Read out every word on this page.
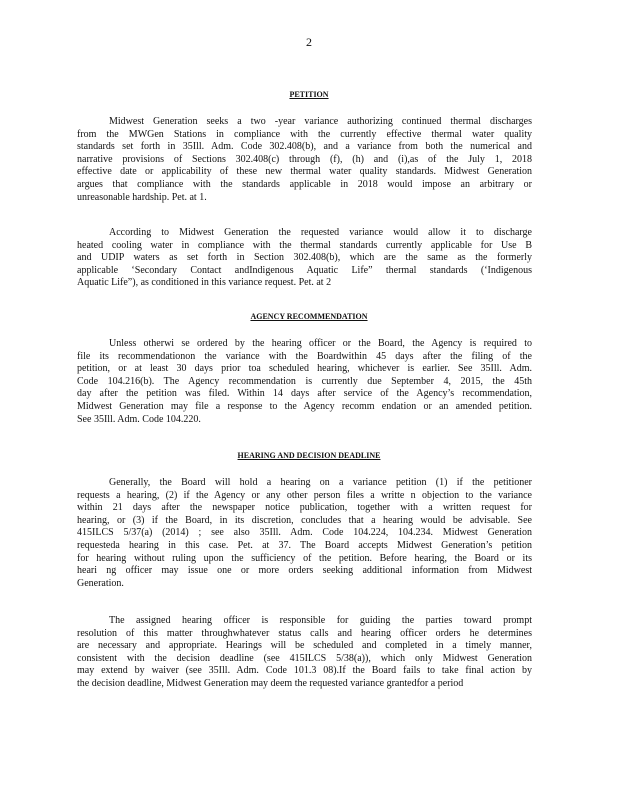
2
PETITION
Midwest Generation seeks a two -year variance authorizing continued thermal discharges
from the MWGen Stations in compliance with the currently effective thermal water quality
standards set forth in 35Ill. Adm. Code 302.408(b), and a variance from both the numerical and
narrative provisions of Sections 302.408(c) through (f), (h) and (i),as of the July 1, 2018
effective date or applicability of these new thermal water quality standards. Midwest Generation
argues that compliance with the standards applicable in 2018 would impose an arbitrary or
unreasonable hardship. Pet. at 1.
According to Midwest Generation the requested variance would allow it to discharge
heated cooling water in compliance with the thermal standards currently applicable for Use B
and UDIP waters as set forth in Section 302.408(b), which are the same as the formerly
applicable ‘Secondary Contact andIndigenous Aquatic Life” thermal standards (‘Indigenous
Aquatic Life”), as conditioned in this variance request. Pet. at 2
AGENCY RECOMMENDATION
Unless otherwi se ordered by the hearing officer or the Board, the Agency is required to
file its recommendationon the variance with the Boardwithin 45 days after the filing of the
petition, or at least 30 days prior toa scheduled hearing, whichever is earlier. See 35Ill. Adm.
Code 104.216(b). The Agency recommendation is currently due September 4, 2015, the 45th
day after the petition was filed. Within 14 days after service of the Agency’s recommendation,
Midwest Generation may file a response to the Agency recomm endation or an amended petition.
See 35Ill. Adm. Code 104.220.
HEARING AND DECISION DEADLINE
Generally, the Board will hold a hearing on a variance petition (1) if the petitioner
requests a hearing, (2) if the Agency or any other person files a writte n objection to the variance
within 21 days after the newspaper notice publication, together with a written request for
hearing, or (3) if the Board, in its discretion, concludes that a hearing would be advisable. See
415ILCS 5/37(a) (2014) ; see also 35Ill. Adm. Code 104.224, 104.234. Midwest Generation
requesteda hearing in this case. Pet. at 37. The Board accepts Midwest Generation’s petition
for hearing without ruling upon the sufficiency of the petition. Before hearing, the Board or its
heari ng officer may issue one or more orders seeking additional information from Midwest
Generation.
The assigned hearing officer is responsible for guiding the parties toward prompt
resolution of this matter throughwhatever status calls and hearing officer orders he determines
are necessary and appropriate. Hearings will be scheduled and completed in a timely manner,
consistent with the decision deadline (see 415ILCS 5/38(a)), which only Midwest Generation
may extend by waiver (see 35Ill. Adm. Code 101.3 08).If the Board fails to take final action by
the decision deadline, Midwest Generation may deem the requested variance grantedfor a period
